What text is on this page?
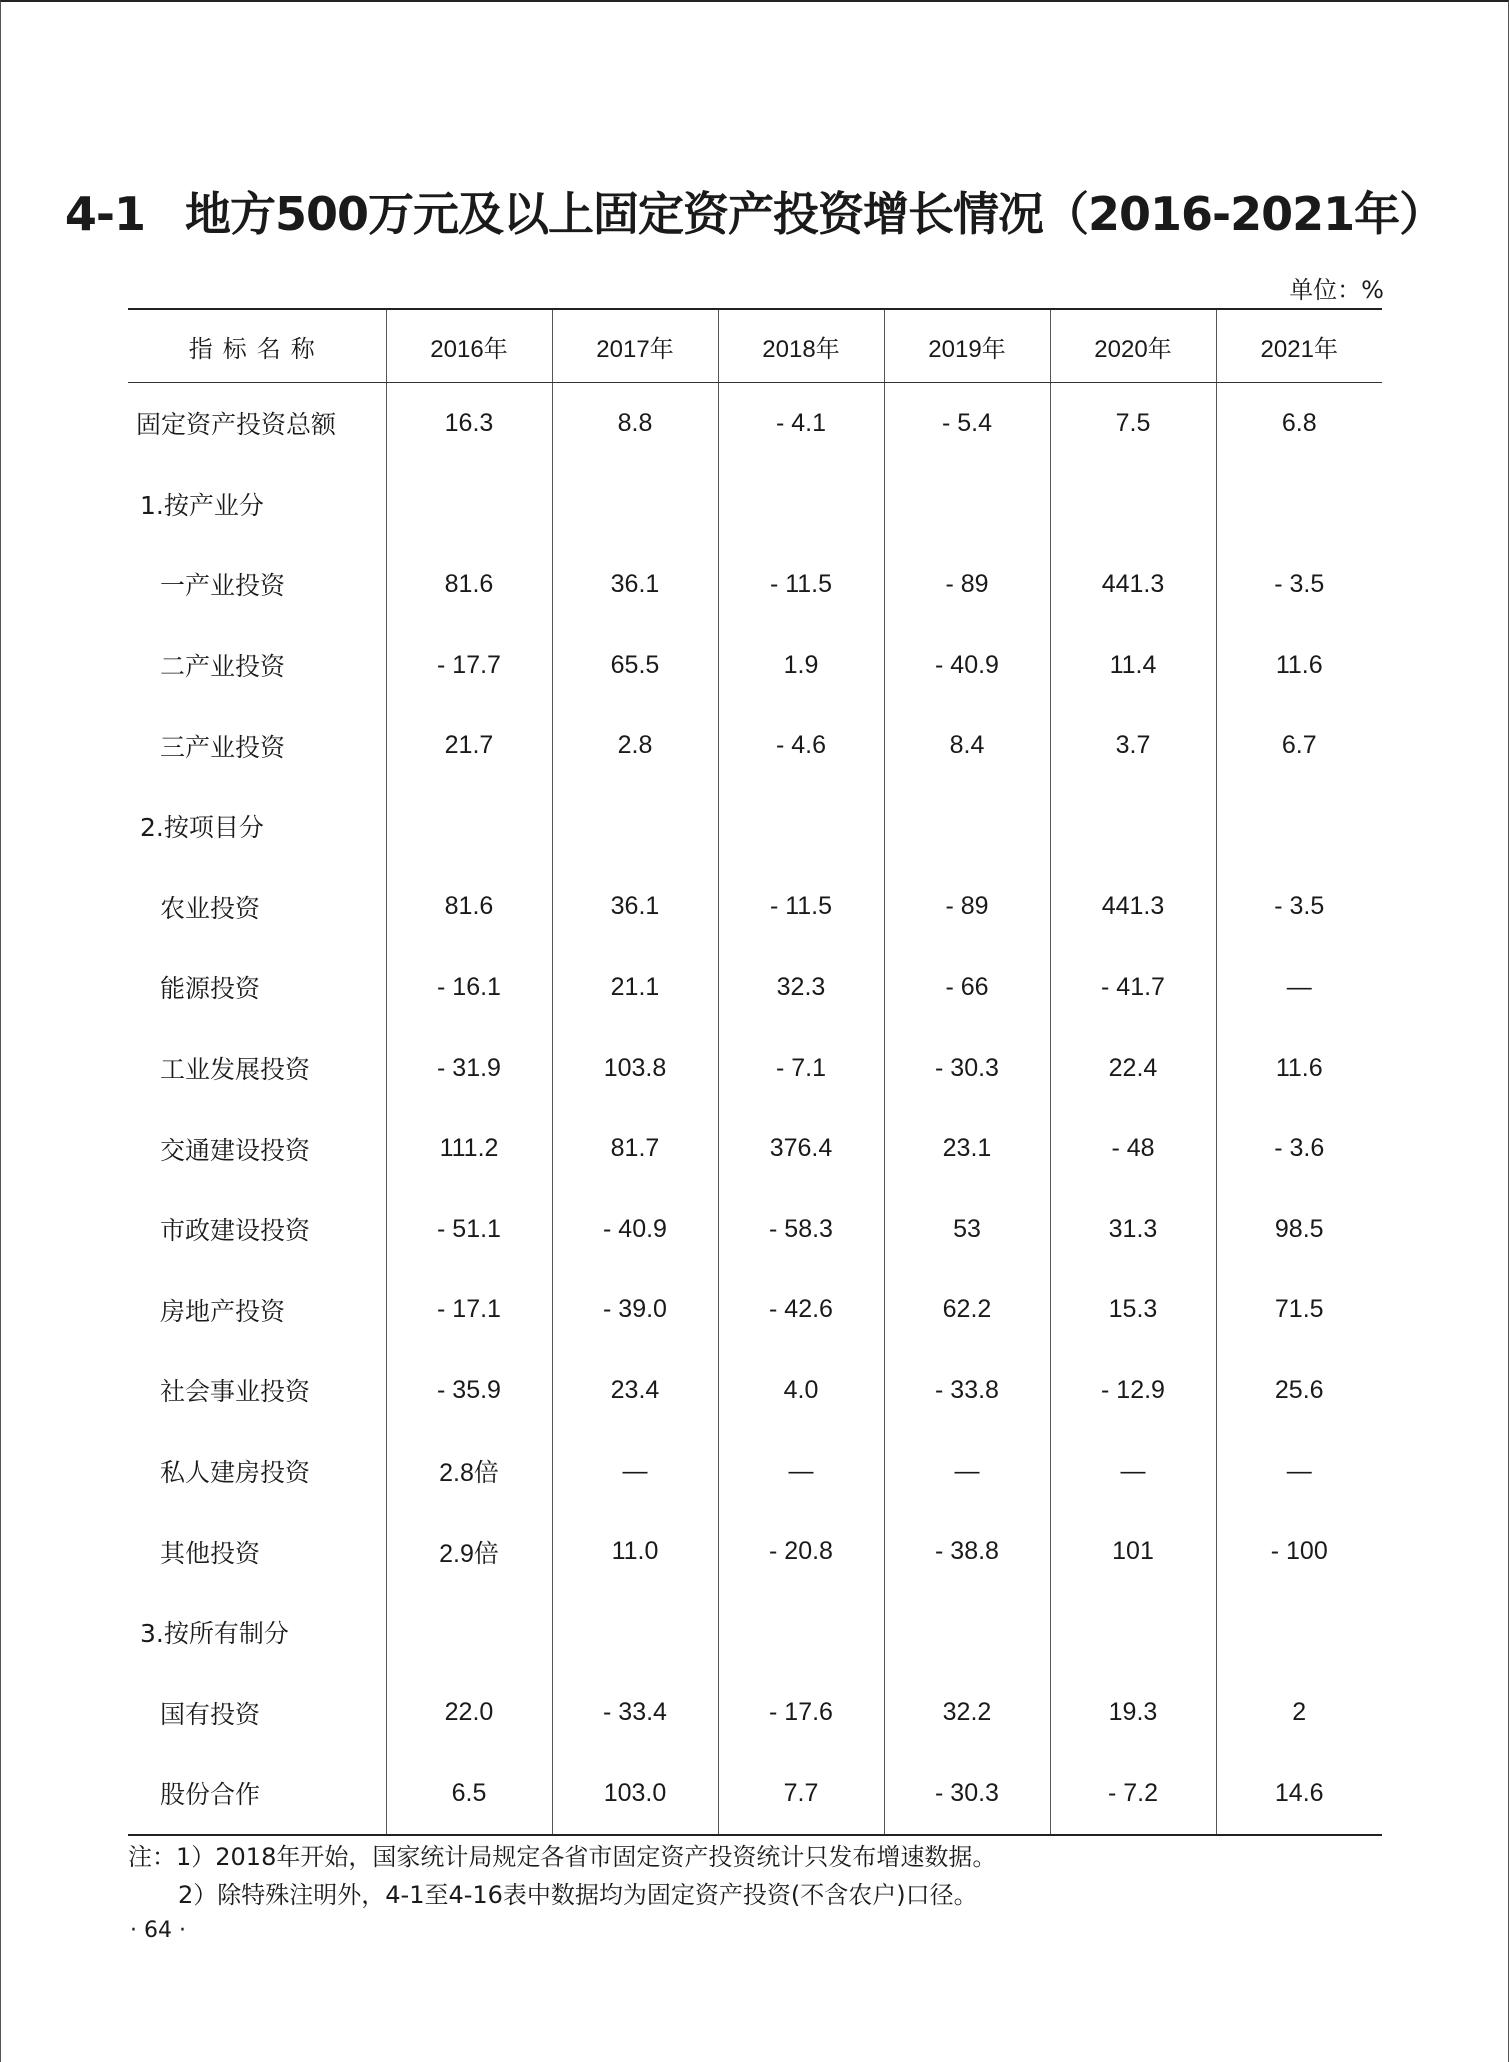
4-1 地方500万元及以上固定资产投资增长情况（2016-2021年）
单位：%
指标名称	2016年	2017年	2018年	2019年	2020年	2021年
固定资产投资总额	16.3	8.8	- 4.1	- 5.4	7.5	6.8
1.按产业分						
一产业投资	81.6	36.1	- 11.5	- 89	441.3	- 3.5
二产业投资	- 17.7	65.5	1.9	- 40.9	11.4	11.6
三产业投资	21.7	2.8	- 4.6	8.4	3.7	6.7
2.按项目分						
农业投资	81.6	36.1	- 11.5	- 89	441.3	- 3.5
能源投资	- 16.1	21.1	32.3	- 66	- 41.7	—
工业发展投资	- 31.9	103.8	- 7.1	- 30.3	22.4	11.6
交通建设投资	111.2	81.7	376.4	23.1	- 48	- 3.6
市政建设投资	- 51.1	- 40.9	- 58.3	53	31.3	98.5
房地产投资	- 17.1	- 39.0	- 42.6	62.2	15.3	71.5
社会事业投资	- 35.9	23.4	4.0	- 33.8	- 12.9	25.6
私人建房投资	2.8倍	—	—	—	—	—
其他投资	2.9倍	11.0	- 20.8	- 38.8	101	- 100
3.按所有制分						
国有投资	22.0	- 33.4	- 17.6	32.2	19.3	2
股份合作	6.5	103.0	7.7	- 30.3	- 7.2	14.6
注：1）2018年开始，国家统计局规定各省市固定资产投资统计只发布增速数据。
2）除特殊注明外，4-1至4-16表中数据均为固定资产投资(不含农户)口径。
· 64 ·
